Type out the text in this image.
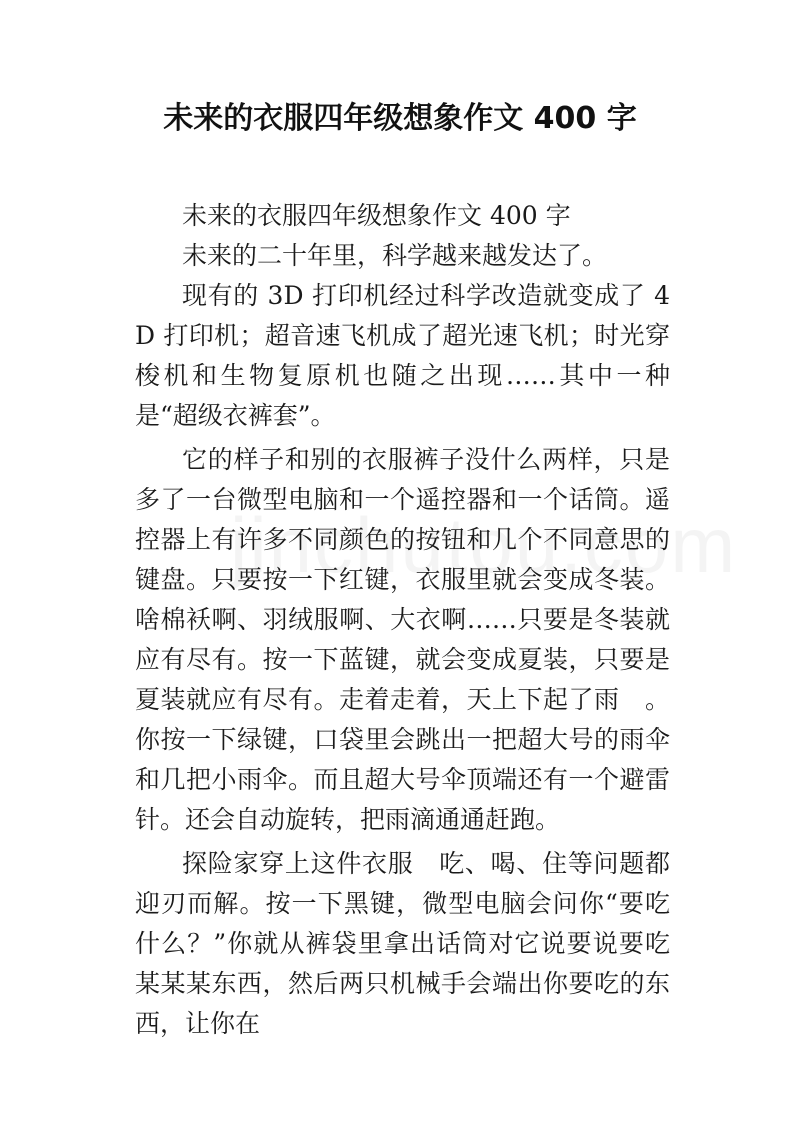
未来的衣服四年级想象作文 400 字

未来的衣服四年级想象作文 400 字

未来的二十年里，科学越来越发达了。

现有的 3D 打印机经过科学改造就变成了 4D 打印机；超音速飞机成了超光速飞机；时光穿梭机和生物复原机也随之出现……其中一种是“超级衣裤套”。

它的样子和别的衣服裤子没什么两样，只是多了一台微型电脑和一个遥控器和一个话筒。遥控器上有许多不同颜色的按钮和几个不同意思的键盘。只要按一下红键，衣服里就会变成冬装。啥棉袄啊、羽绒服啊、大衣啊……只要是冬装就应有尽有。按一下蓝键，就会变成夏装，只要是夏装就应有尽有。走着走着，天上下起了雨　。你按一下绿键，口袋里会跳出一把超大号的雨伞和几把小雨伞。而且超大号伞顶端还有一个避雷针。还会自动旋转，把雨滴通通赶跑。

探险家穿上这件衣服　吃、喝、住等问题都迎刃而解。按一下黑键，微型电脑会问你“要吃什么？”你就从裤袋里拿出话筒对它说要说要吃某某某东西，然后两只机械手会端出你要吃的东西，让你在
